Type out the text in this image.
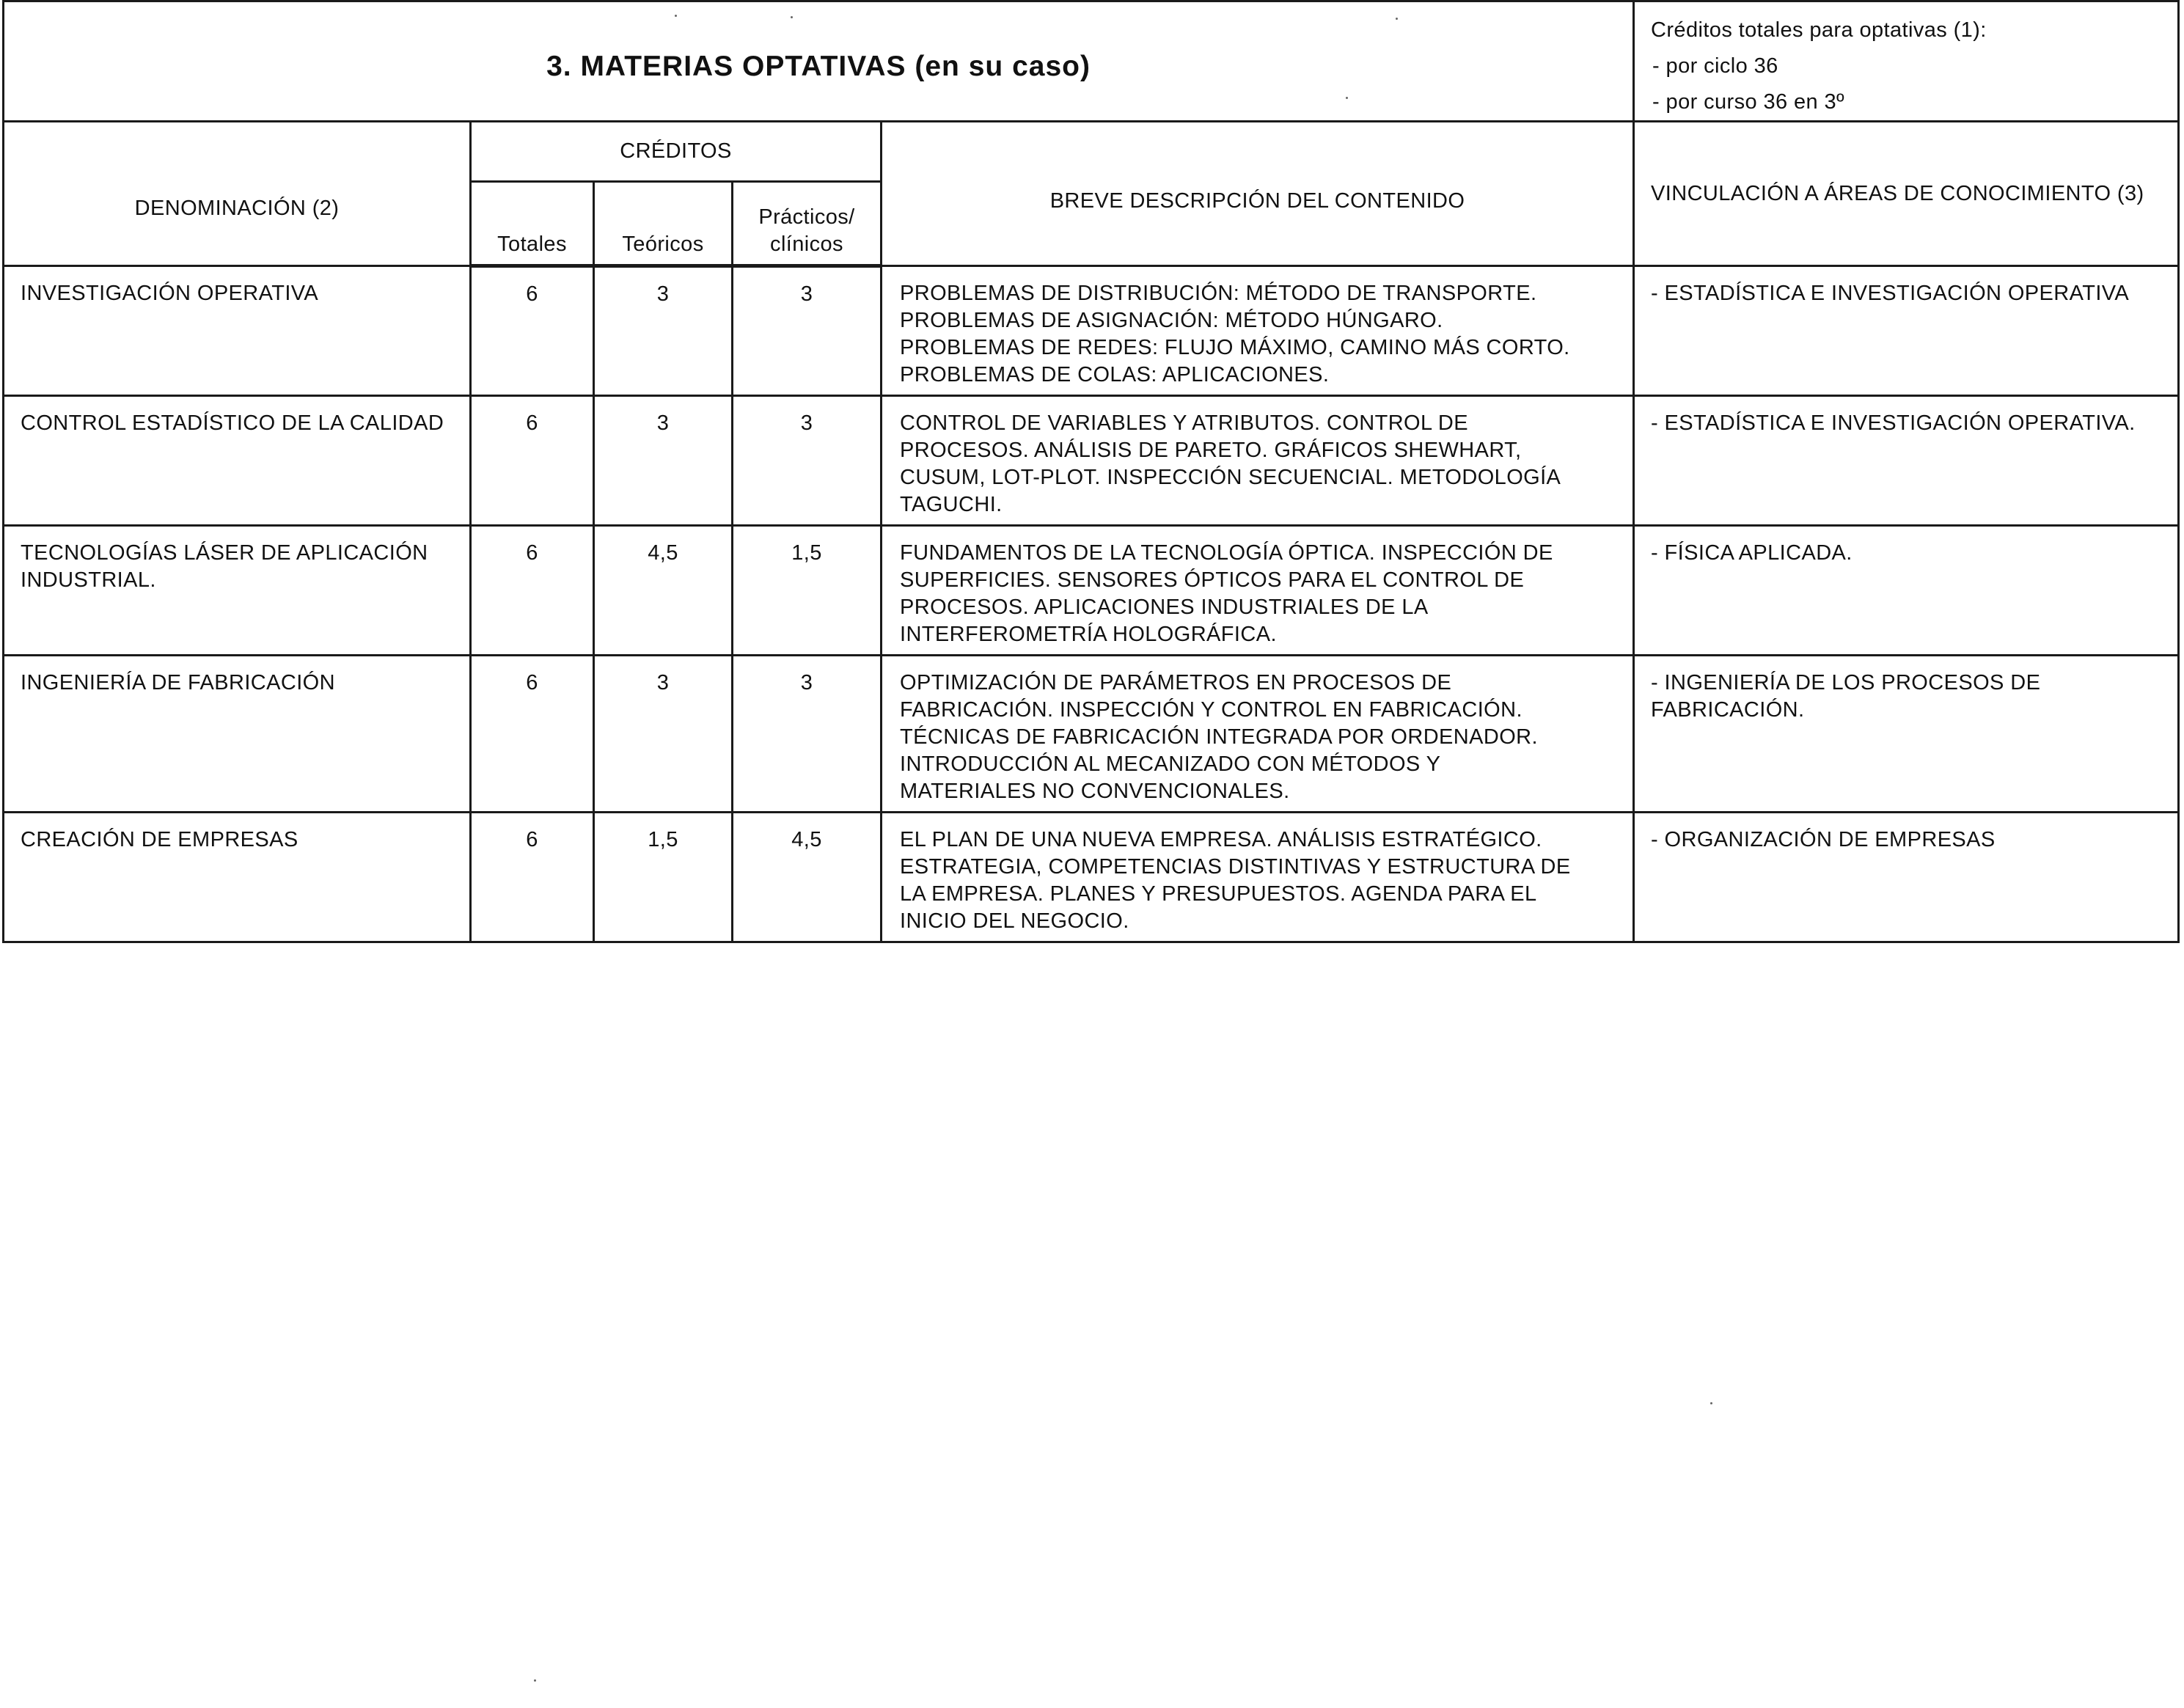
3. MATERIAS OPTATIVAS (en su caso)					Créditos totales para optativas (1):
- por ciclo 36
- por curso 36 en 3º

DENOMINACIÓN (2)	CRÉDITOS			BREVE DESCRIPCIÓN DEL CONTENIDO	VINCULACIÓN A ÁREAS DE CONOCIMIENTO (3)
	Totales	Teóricos	Prácticos/ clínicos		
INVESTIGACIÓN OPERATIVA	6	3	3	PROBLEMAS DE DISTRIBUCIÓN: MÉTODO DE TRANSPORTE.
PROBLEMAS DE ASIGNACIÓN: MÉTODO HÚNGARO.
PROBLEMAS DE REDES: FLUJO MÁXIMO, CAMINO MÁS CORTO.
PROBLEMAS DE COLAS: APLICACIONES.	- ESTADÍSTICA E INVESTIGACIÓN OPERATIVA
CONTROL ESTADÍSTICO DE LA CALIDAD	6	3	3	CONTROL DE VARIABLES Y ATRIBUTOS. CONTROL DE
PROCESOS. ANÁLISIS DE PARETO. GRÁFICOS SHEWHART,
CUSUM, LOT-PLOT. INSPECCIÓN SECUENCIAL. METODOLOGÍA
TAGUCHI.	- ESTADÍSTICA E INVESTIGACIÓN OPERATIVA.
TECNOLOGÍAS LÁSER DE APLICACIÓN INDUSTRIAL.	6	4,5	1,5	FUNDAMENTOS DE LA TECNOLOGÍA ÓPTICA. INSPECCIÓN DE
SUPERFICIES. SENSORES ÓPTICOS PARA EL CONTROL DE
PROCESOS. APLICACIONES INDUSTRIALES DE LA
INTERFEROMETRÍA HOLOGRÁFICA.	- FÍSICA APLICADA.
INGENIERÍA DE FABRICACIÓN	6	3	3	OPTIMIZACIÓN DE PARÁMETROS EN PROCESOS DE
FABRICACIÓN. INSPECCIÓN Y CONTROL EN FABRICACIÓN.
TÉCNICAS DE FABRICACIÓN INTEGRADA POR ORDENADOR.
INTRODUCCIÓN AL MECANIZADO CON MÉTODOS Y
MATERIALES NO CONVENCIONALES.	- INGENIERÍA DE LOS PROCESOS DE FABRICACIÓN.
CREACIÓN DE EMPRESAS	6	1,5	4,5	EL PLAN DE UNA NUEVA EMPRESA. ANÁLISIS ESTRATÉGICO.
ESTRATEGIA, COMPETENCIAS DISTINTIVAS Y ESTRUCTURA DE
LA EMPRESA. PLANES Y PRESUPUESTOS. AGENDA PARA EL
INICIO DEL NEGOCIO.	- ORGANIZACIÓN DE EMPRESAS
